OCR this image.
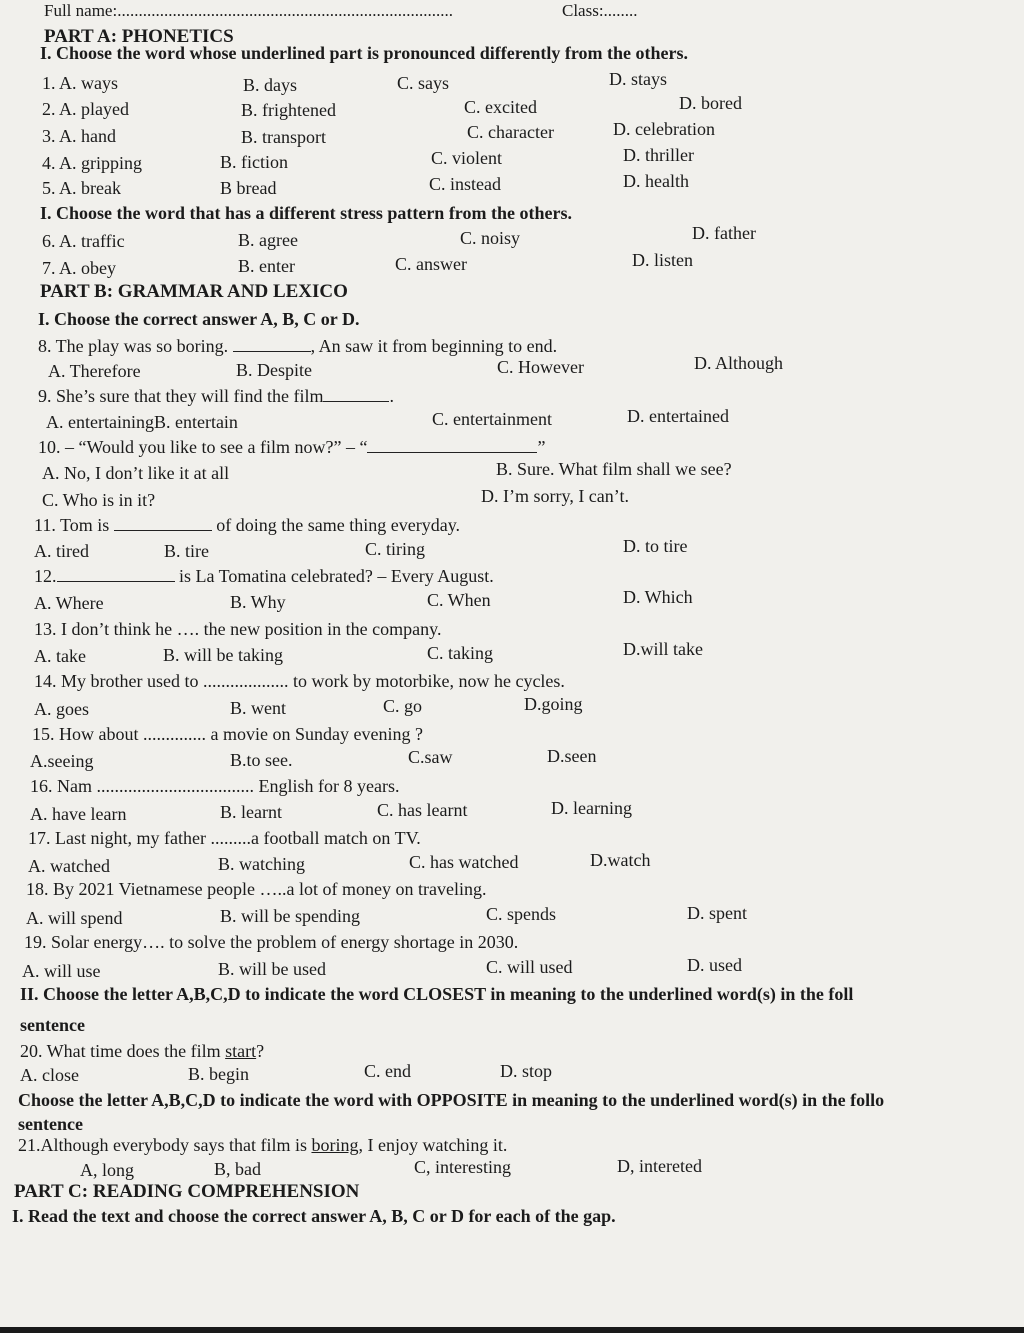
Full name:...............................................................................	Class:........
PART A: PHONETICS
I. Choose the word whose underlined part is pronounced differently from the others.
1. A. ways	B. days	C. says	D. stays
2. A. played	B. frightened	C. excited	D. bored
3. A. hand	B. transport	C. character	D. celebration
4. A. gripping	B. fiction	C. violent	D. thriller
5. A. break	B bread	C. instead	D. health
I. Choose the word that has a different stress pattern from the others.
6. A. traffic	B. agree	C. noisy	D. father
7. A. obey	B. enter	C. answer	D. listen
PART B: GRAMMAR AND LEXICO
I. Choose the correct answer A, B, C or D.
8. The play was so boring.	, An saw it from beginning to end.
A. Therefore	B. Despite	C. However	D. Although
9. She’s sure that they will find the film	.
A. entertainingB. entertain	C. entertainment	D. entertained
10. – “Would you like to see a film now?” – “	”
A. No, I don’t like it at all	B. Sure. What film shall we see?
C. Who is in it?	D. I’m sorry, I can’t.
11. Tom is	of doing the same thing everyday.
A. tired	B. tire	C. tiring	D. to tire
12.	is La Tomatina celebrated? – Every August.
A. Where	B. Why	C. When	D. Which
13. I don’t think he …. the new position in the company.
A. take	B. will be taking	C. taking	D.will take
14. My brother used to ................... to work by motorbike, now he cycles.
A. goes	B. went	C. go	D.going
15. How about .............. a movie on Sunday evening ?
A.seeing	B.to see.	C.saw	D.seen
16. Nam ................................... English for 8 years.
A. have learn	B. learnt	C. has learnt	D. learning
17. Last night, my father .........a football match on TV.
A. watched	B. watching	C. has watched	D.watch
18. By 2021 Vietnamese people …..a lot of money on traveling.
A. will spend	B. will be spending	C. spends	D. spent
19. Solar energy…. to solve the problem of energy shortage in 2030.
A. will use	B. will be used	C. will used	D. used
II. Choose the letter A,B,C,D to indicate the word CLOSEST in meaning to the underlined word(s) in the foll
sentence
20. What time does the film start?
A. close	B. begin	C. end	D. stop
Choose the letter A,B,C,D to indicate the word with OPPOSITE in meaning to the underlined word(s) in the follo
sentence
21.Although everybody says that film is boring, I enjoy watching it.
A, long	B, bad	C, interesting	D, intereted
PART C: READING COMPREHENSION
I. Read the text and choose the correct answer A, B, C or D for each of the gap.
